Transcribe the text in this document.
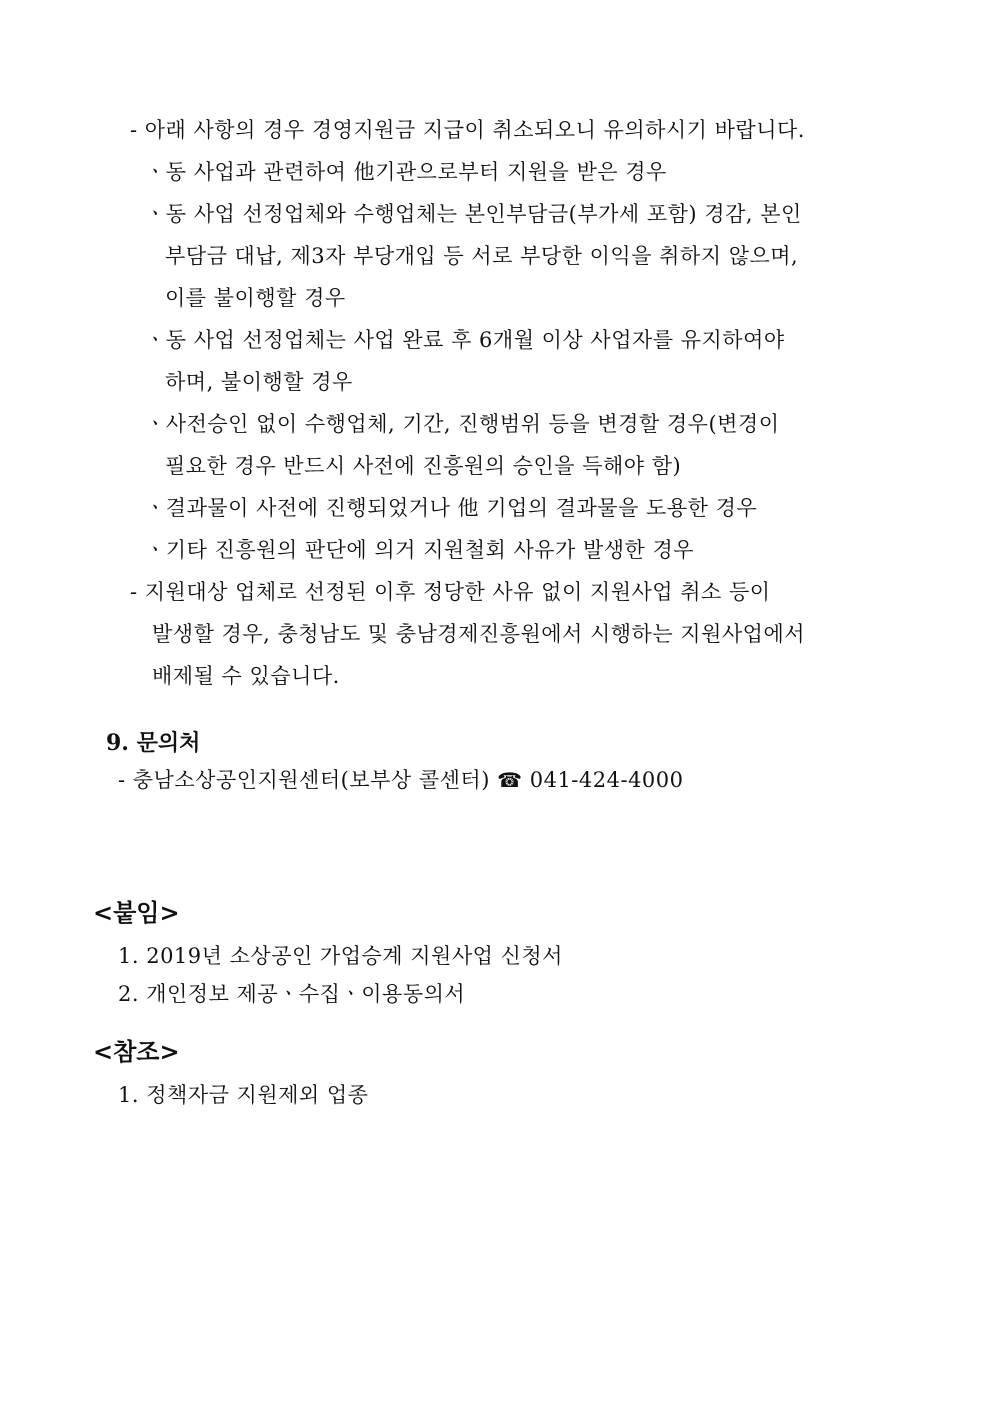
- 아래 사항의 경우 경영지원금 지급이 취소되오니 유의하시기 바랍니다.
ㆍ동 사업과 관련하여 他기관으로부터 지원을 받은 경우
ㆍ동 사업 선정업체와 수행업체는 본인부담금(부가세 포함) 경감, 본인
부담금 대납, 제3자 부당개입 등 서로 부당한 이익을 취하지 않으며,
이를 불이행할 경우
ㆍ동 사업 선정업체는 사업 완료 후 6개월 이상 사업자를 유지하여야
하며, 불이행할 경우
ㆍ사전승인 없이 수행업체, 기간, 진행범위 등을 변경할 경우(변경이
필요한 경우 반드시 사전에 진흥원의 승인을 득해야 함)
ㆍ결과물이 사전에 진행되었거나 他 기업의 결과물을 도용한 경우
ㆍ기타 진흥원의 판단에 의거 지원철회 사유가 발생한 경우
- 지원대상 업체로 선정된 이후 정당한 사유 없이 지원사업 취소 등이
발생할 경우, 충청남도 및 충남경제진흥원에서 시행하는 지원사업에서
배제될 수 있습니다.
9. 문의처
- 충남소상공인지원센터(보부상 콜센터) ☎ 041-424-4000
<붙임>
1. 2019년 소상공인 가업승계 지원사업 신청서
2. 개인정보 제공ㆍ수집ㆍ이용동의서
<참조>
1. 정책자금 지원제외 업종
